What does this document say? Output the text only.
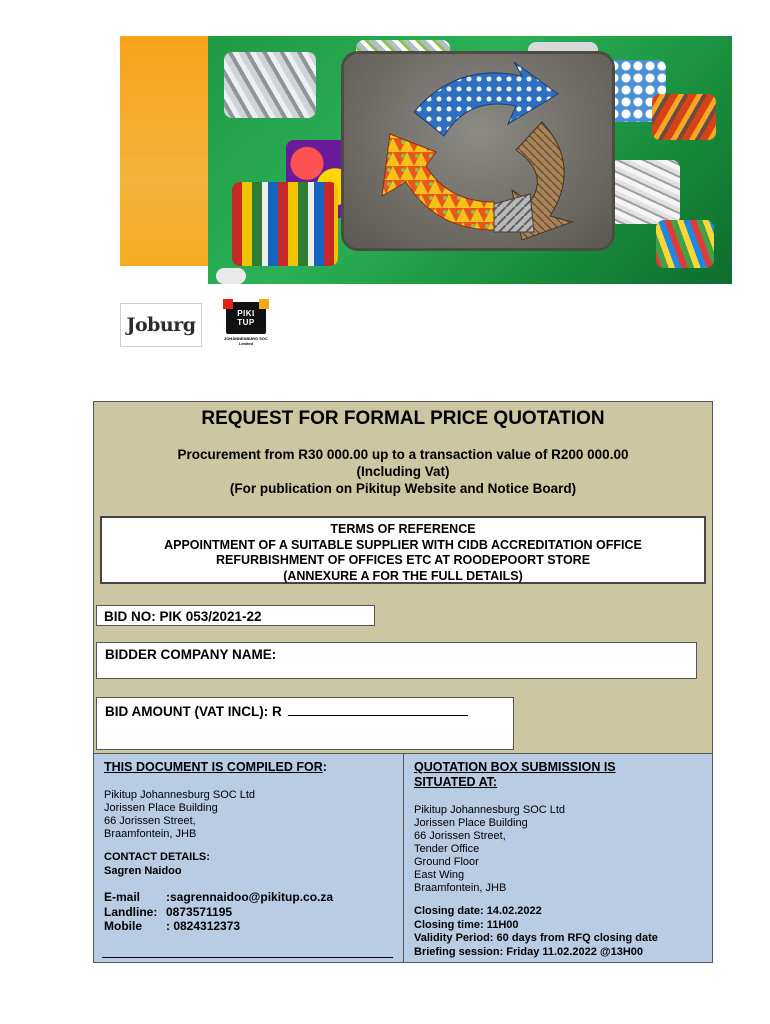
Joburg
PIKI
TUP
JOHANNESBURG SOC Limited
REQUEST FOR FORMAL PRICE QUOTATION
Procurement from R30 000.00 up to a transaction value of R200 000.00
(Including Vat)
(For publication on Pikitup Website and Notice Board)
TERMS OF REFERENCE
APPOINTMENT OF A SUITABLE SUPPLIER WITH CIDB ACCREDITATION OFFICE
REFURBISHMENT OF OFFICES ETC AT ROODEPOORT STORE
(ANNEXURE A FOR THE FULL DETAILS)
BID NO: PIK 053/2021-22
BIDDER COMPANY NAME:
BID AMOUNT (VAT INCL): R
THIS DOCUMENT IS COMPILED FOR:
Pikitup Johannesburg SOC Ltd
Jorissen Place Building
66 Jorissen Street,
Braamfontein, JHB
CONTACT DETAILS:
Sagren Naidoo
E-mail	:sagrennaidoo@pikitup.co.za
Landline: 0873571195
Mobile	: 0824312373
QUOTATION BOX SUBMISSION IS
SITUATED AT:
Pikitup Johannesburg SOC Ltd
Jorissen Place Building
66 Jorissen Street,
Tender Office
Ground Floor
East Wing
Braamfontein, JHB
Closing date: 14.02.2022
Closing time: 11H00
Validity Period: 60 days from RFQ closing date
Briefing session: Friday 11.02.2022 @13H00
